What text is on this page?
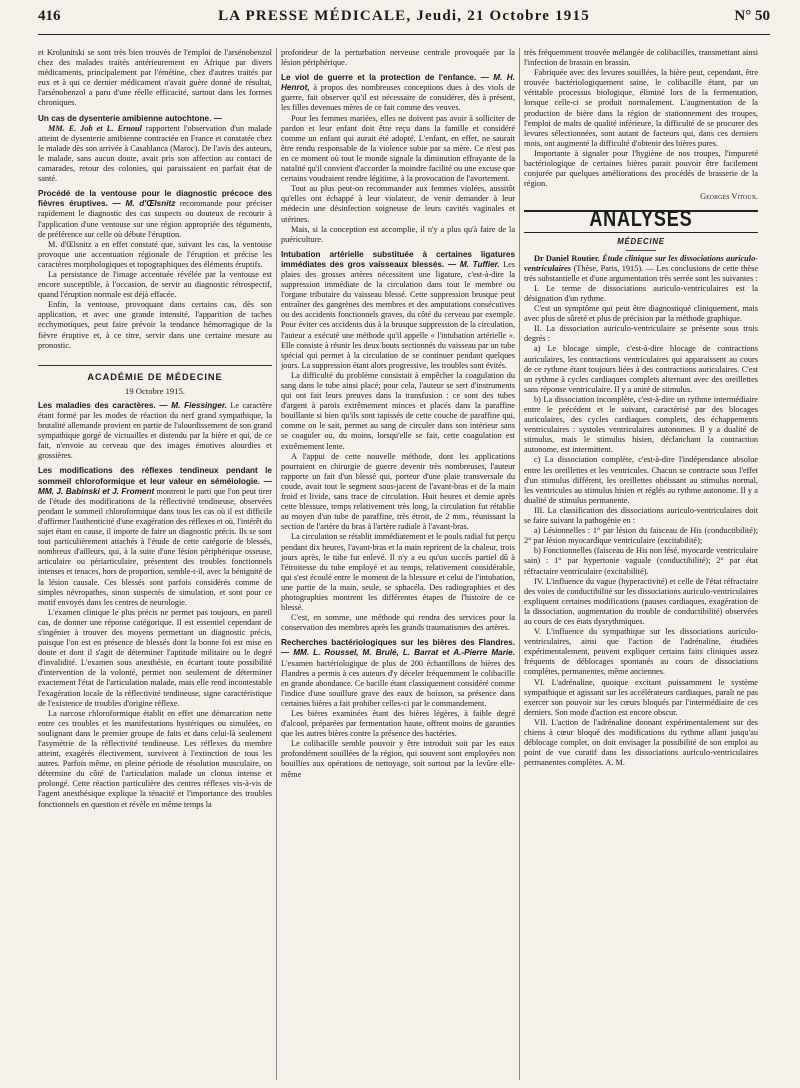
416	LA PRESSE MÉDICALE, Jeudi, 21 Octobre 1915	N° 50

et Krolunitski se sont très bien trouvés de l'emploi de l'arsénobenzol chez des malades traités antérieurement en Afrique par divers médicaments, principalement par l'émétine, chez d'autres traités par eux et à qui ce dernier médicament n'avait guère donné de résultat, l'arsénobenzol a paru d'une réelle efficacité, surtout dans les formes chroniques.

Un cas de dysenterie amibienne autochtone. —

MM. E. Job et L. Ernoul rapportent l'observation d'un malade atteint de dysenterie amibienne contractée en France et constatée chez le malade dès son arrivée à Casablanca (Maroc). De l'avis des auteurs, le malade, sans aucun doute, avait pris son affection au contact de camarades, retour des colonies, qui paraissaient en parfait état de santé.

Procédé de la ventouse pour le diagnostic précoce des fièvres éruptives. — M. d'Œlsnitz recommande pour préciser rapidement le diagnostic des cas suspects ou douteux de recourir à l'application d'une ventouse sur une région appropriée des téguments, de préférence sur celle où débute l'éruption.

M. d'Œlsnitz a en effet constaté que, suivant les cas, la ventouse provoque une accentuation régionale de l'éruption et précise les caractères morphologiques et topographiques des éléments éruptifs.

La persistance de l'image accentuée révélée par la ventouse est encore susceptible, à l'occasion, de servir au diagnostic rétrospectif, quand l'éruption normale est déjà effacée.

Enfin, la ventouse, provoquant dans certains cas, dès son application, et avec une grande intensité, l'apparition de taches ecchymotiques, peut faire prévoir la tendance hémorragique de la fièvre éruptive et, à ce titre, servir dans une certaine mesure au pronostic.

ACADÉMIE DE MÉDECINE

19 Octobre 1915.

Les maladies des caractères. — M. Fiessinger. Le caractère étant formé par les modes de réaction du nerf grand sympathique, la brutalité allemande provient en partie de l'alourdissement de son grand sympathique gorgé de victuailles et distendu par la bière et qui, de ce fait, n'envoie au cerveau que des images émotives alourdies et grossières.

Les modifications des réflexes tendineux pendant le sommeil chloroformique et leur valeur en séméiologie. — MM. J. Babinski et J. Froment montrent le parti que l'on peut tirer de l'étude des modifications de la réflectivité tendineuse, observées pendant le sommeil chloroformique dans tous les cas où il est difficile d'affirmer l'authenticité d'une exagération des réflexes et où, l'intérêt du sujet étant en cause, il importe de faire un diagnostic précis. Ils se sont tout particulièrement attachés à l'étude de cette catégorie de blessés, nombreux d'ailleurs, qui, à la suite d'une lésion périphérique osseuse, articulaire ou périarticulaire, présentent des troubles fonctionnels intenses et tenaces, hors de proportion, semble-t-il, avec la bénignité de la lésion causale. Ces blessés sont parfois considérés comme de simples névropathes, sinon suspectés de simulation, et sont pour ce motif envoyés dans les centres de neurologie.

L'examen clinique le plus précis ne permet pas toujours, en pareil cas, de donner une réponse catégorique. Il est essentiel cependant de s'ingénier à trouver des moyens permettant un diagnostic précis, puisque l'on est en présence de blessés dont la bonne foi est mise en doute et dont il s'agit de déterminer l'aptitude militaire ou le degré d'invalidité. L'examen sous anesthésie, en écartant toute possibilité d'intervention de la volonté, permet non seulement de déterminer exactement l'état de l'articulation malade, mais elle rend incontestable l'exagération locale de la réflectivité tendineuse, signe caractéristique de l'existence de troubles d'origine réflexe.

La narcose chloroformique établit en effet une démarcation nette entre ces troubles et les manifestations hystériques ou simulées, en soulignant dans le premier groupe de faits et dans celui-là seulement l'asymétrie de la réflectivité tendineuse. Les réflexes du membre atteint, exagérés électivement, survivent à l'extinction de tous les autres. Parfois même, en pleine période de résolution musculaire, on détermine du côté de l'articulation malade un clonus intense et prolongé. Cette réaction particulière des centres réflexes vis-à-vis de l'agent anesthésique explique la ténacité et l'importance des troubles fonctionnels en question et révèle en même temps la

profondeur de la perturbation nerveuse centrale provoquée par la lésion périphérique.

Le viol de guerre et la protection de l'enfance. — M. H. Henrot, à propos des nombreuses conceptions dues à des viols de guerre, fait observer qu'il est nécessaire de considérer, dès à présent, les filles devenues mères de ce fait comme des veuves.

Pour les femmes mariées, elles ne doivent pas avoir à solliciter de pardon et leur enfant doit être reçu dans la famille et considéré comme un enfant qui aurait été adopté. L'enfant, en effet, ne saurait être rendu responsable de la violence subie par sa mère. Ce n'est pas en ce moment où tout le monde signale la diminution effrayante de la natalité qu'il convient d'accorder la moindre facilité ou une excuse que certains voudraient rendre légitime, à la provocation de l'avortement.

Tout au plus peut-on recommander aux femmes violées, aussitôt qu'elles ont échappé à leur violateur, de venir demander à leur médecin une désinfection soigneuse de leurs cavités vaginales et utérines.

Mais, si la conception est accomplie, il n'y a plus qu'à faire de la puériculture.

Intubation artérielle substituée à certaines ligatures immédiates des gros vaisseaux blessés. — M. Tuffier. Les plaies des grosses artères nécessitent une ligature, c'est-à-dire la suppression immédiate de la circulation dans tout le membre ou l'organe tributaire du vaisseau blessé. Cette suppression brusque peut entraîner des gangrènes des membres et des amputations consécutives ou des accidents fonctionnels graves, du côté du cerveau par exemple. Pour éviter ces accidents dus à la brusque suppression de la circulation, l'auteur a exécuté une méthode qu'il appelle « l'intubation artérielle ». Elle consiste à réunir les deux bouts sectionnés du vaisseau par un tube spécial qui permet à la circulation de se continuer pendant quelques jours. La suppression étant alors progressive, les troubles sont évités.

La difficulté du problème consistait à empêcher la coagulation du sang dans le tube ainsi placé; pour cela, l'auteur se sert d'instruments qui ont fait leurs preuves dans la transfusion : ce sont des tubes d'argent à parois extrêmement minces et placés dans la paraffine bouillante si bien qu'ils sont tapissés de cette couche de paraffine qui, comme on le sait, permet au sang de circuler dans son intérieur sans se coaguler ou, du moins, lorsqu'elle se fait, cette coagulation est extrêmement lente.

A l'appui de cette nouvelle méthode, dont les applications pourraient en chirurgie de guerre devenir très nombreuses, l'auteur rapporte un fait d'un blessé qui, porteur d'une plaie transversale du coude, avait tout le segment sous-jacent de l'avant-bras et de la main froid et livide, sans trace de circulation. Huit heures et demie après cette blessure, temps relativement très long, la circulation fut rétablie au moyen d'un tube de paraffine, très étroit, de 2 mm., réunissant la section de l'artère du bras à l'artère radiale à l'avant-bras.

La circulation se rétablit immédiatement et le pouls radial fut perçu pendant dix heures, l'avant-bras et la main reprirent de la chaleur, trois jours après, le tube fut enlevé. Il n'y a eu qu'un succès partiel dû à l'étroitesse du tube employé et au temps, relativement considérable, qui s'est écoulé entre le moment de la blessure et celui de l'intubation, une partie de la main, seule, se sphacéla. Des radiographies et des photographies montrent les différentes étapes de l'histoire de ce blessé.

C'est, en somme, une méthode qui rendra des services pour la conservation des membres après les grands traumatismes des artères.

Recherches bactériologiques sur les bières des Flandres. — MM. L. Roussel, M. Brulé, L. Barrat et A.-Pierre Marie. L'examen bactériologique de plus de 200 échantillons de bières des Flandres a permis à ces auteurs d'y déceler fréquemment le colibacille en grande abondance. Ce bacille étant classiquement considéré comme l'indice d'une souillure grave des eaux de boisson, sa présence dans certaines bières a fait prohiber celles-ci par le commandement.

Les bières examinées étant des bières légères, à faible degré d'alcool, préparées par fermentation haute, offrent moins de garanties que les autres bières contre la présence des bactéries.

Le colibacille semble pouvoir y être introduit soit par les eaux profondément souillées de la région, qui souvent sont employées non bouillies aux opérations de nettoyage, soit surtout par la levûre elle-même

très fréquemment trouvée mélangée de colibacilles, transmettant ainsi l'infection de brassin en brassin.

Fabriquée avec des levures souillées, la bière peut, cependant, être trouvée bactériologiquement saine, le colibacille étant, par un véritable processus biologique, éliminé lors de la fermentation, lorsque celle-ci se produit normalement. L'augmentation de la production de bière dans la région de stationnement des troupes, l'emploi de malts de qualité inférieure, la difficulté de se procurer des levures sélectionnées, sont autant de facteurs qui, dans ces derniers mois, ont augmenté la difficulté d'obtenir des bières pures.

Importante à signaler pour l'hygiène de nos troupes, l'impureté bactériologique de certaines bières parait pouvoir être facilement conjurée par quelques améliorations des procédés de brasserie de la région.

Georges Vitoux.

ANALYSES

MÉDECINE

Dr Daniel Routier. Étude clinique sur les dissociations auriculo-ventriculaires (Thèse, Paris, 1915). — Les conclusions de cette thèse très substantielle et d'une argumentation très serrée sont les suivantes :

I. Le terme de dissociations auriculo-ventriculaires est la désignation d'un rythme.

C'est un symptôme qui peut être diagnostiqué cliniquement, mais avec plus de sûreté et plus de précision par la méthode graphique.

II. La dissociation auriculo-ventriculaire se présente sous trois degrés :

a) Le blocage simple, c'est-à-dire blocage de contractions auriculaires, les contractions ventriculaires qui apparaissent au cours de ce rythme étant toujours liées à des contractions auriculaires. C'est un rythme à cycles cardiaques complets alternant avec des oreillettes sans réponse ventriculaire. Il y a unité de stimulus.

b) La dissociation incomplète, c'est-à-dire un rythme intermédiaire entre le précédent et le suivant, caractérisé par des blocages auriculaires, des cycles cardiaques complets, des échappements ventriculaires : systoles ventriculaires autonomes. Il y a dualité de stimulus, mais le stimulus hisien, déclanchant la contraction autonome, est intermittent.

c) La dissociation complète, c'est-à-dire l'indépendance absolue entre les oreillettes et les ventricules. Chacun se contracte sous l'effet d'un stimulus différent, les oreillettes obéissant au stimulus normal, les ventricules au stimulus hisien et réglés au rythme autonome. Il y a dualité de stimulus permanente.

III. La classification des dissociations auriculo-ventriculaires doit se faire suivant la pathogénie en :

a) Lésionnelles : 1° par lésion du faisceau de His (conductibilité); 2° par lésion myocardique ventriculaire (excitabilité);

b) Fonctionnelles (faisceau de His non lésé, myocarde ventriculaire sain) : 1° par hypertonie vaguale (conductibilité); 2° par état réfractaire ventriculaire (excitabilité).

IV. L'influence du vague (hyperactivité) et celle de l'état réfractaire des voies de conductibilité sur les dissociations auriculo-ventriculaires expliquent certaines modifications (pauses cardiaques, exagération de la dissociation, augmentation du trouble de conductibilité) observées au cours de ces états dysrythmiques.

V. L'influence du sympathique sur les dissociations auriculo-ventriculaires, ainsi que l'action de l'adrénaline, étudiées expérimentalement, peuvent expliquer certains faits cliniques assez fréquents de déblocages spontanés au cours de dissociations complètes, permanentes, même anciennes.

VI. L'adrénaline, quoique excitant puissamment le système sympathique et agissant sur les accélérateurs cardiaques, paraît ne pas exercer son pouvoir sur les cœurs bloqués par l'intermédiaire de ces derniers. Son mode d'action est encore obscur.

VII. L'action de l'adrénaline donnant expérimentalement sur des chiens à cœur bloqué des modifications du rythme allant jusqu'au déblocage complet, on doit envisager la possibilité de son emploi au point de vue curatif dans les dissociations auriculo-ventriculaires permanentes complètes. A. M.
